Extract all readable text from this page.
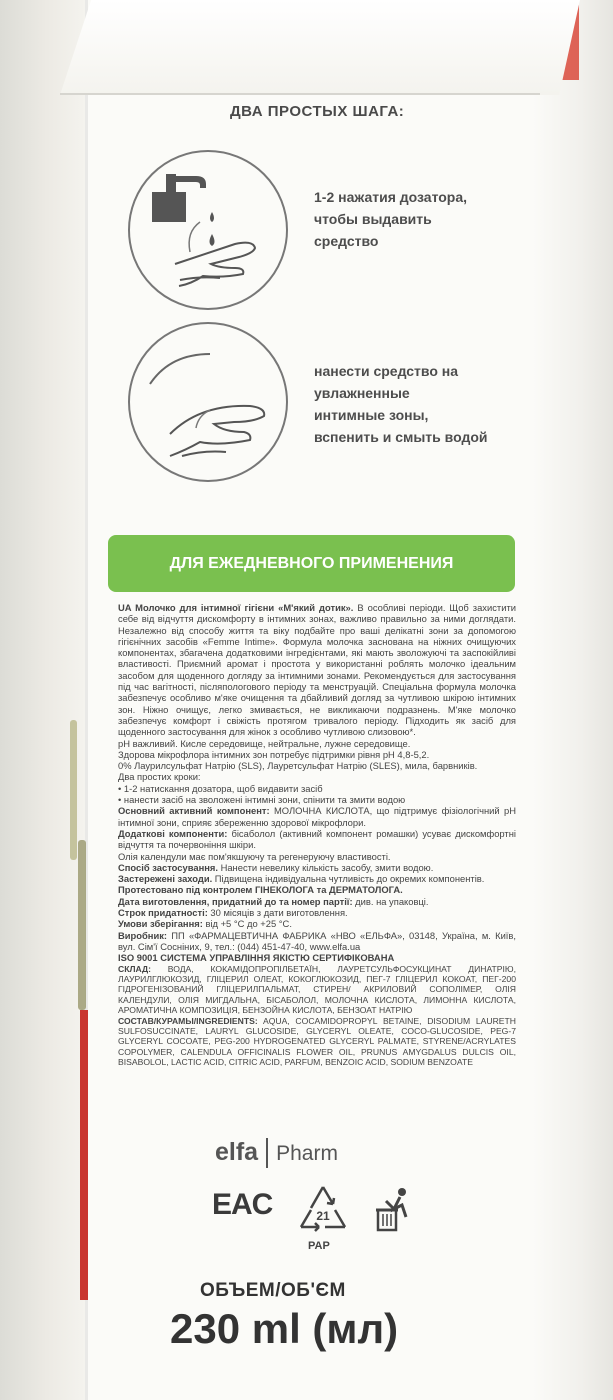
ДВА ПРОСТЫХ ШАГА:
1-2 нажатия дозатора,
чтобы выдавить
средство
нанести средство на
увлажненные
интимные зоны,
вспенить и смыть водой
ДЛЯ ЕЖЕДНЕВНОГО ПРИМЕНЕНИЯ

UA Молочко для інтимної гігієни «М'який дотик». В особливі періоди. Щоб захистити себе від відчуття дискомфорту в інтимних зонах, важливо правильно за ними доглядати. Незалежно від способу життя та віку подбайте про ваші делікатні зони за допомогою гігієнічних засобів «Femme Intime». Формула молочка заснована на ніжних очищуючих компонентах, збагачена додатковими інгредієнтами, які мають зволожуючі та заспокійливі властивості. Приємний аромат і простота у використанні роблять молочко ідеальним засобом для щоденного догляду за інтимними зонами. Рекомендується для застосування під час вагітності, післяпологового періоду та менструацій. Спеціальна формула молочка забезпечує особливо м'яке очищення та дбайливий догляд за чутливою шкірою інтимних зон. Ніжно очищує, легко змивається, не викликаючи подразнень. М'яке молочко забезпечує комфорт і свіжість протягом тривалого періоду. Підходить як засіб для щоденного застосування для жінок з особливо чутливою слизовою*.

pH важливий. Кисле середовище, нейтральне, лужне середовище.

Здорова мікрофлора інтимних зон потребує підтримки рівня pH 4,8-5,2.

0% Лаурилсульфат Натрію (SLS), Лауретсульфат Натрію (SLES), мила, барвників.

Два простих кроки:

• 1-2 натискання дозатора, щоб видавити засіб

• нанести засіб на зволожені інтимні зони, спінити та змити водою

Основний активний компонент: МОЛОЧНА КИСЛОТА, що підтримує фізіологічний pH інтимної зони, сприяє збереженню здорової мікрофлори.

Додаткові компоненти: бісаболол (активний компонент ромашки) усуває дискомфортні відчуття та почервоніння шкіри.

Олія календули має пом'якшуючу та регенеруючу властивості.

Спосіб застосування. Нанести невелику кількість засобу, змити водою.

Застережені заходи. Підвищена індивідуальна чутливість до окремих компонентів.

Протестовано під контролем ГІНЕКОЛОГА та ДЕРМАТОЛОГА.

Дата виготовлення, придатний до та номер партії: див. на упаковці.

Строк придатності: 30 місяців з дати виготовлення.

Умови зберігання: від +5 °С до +25 °С.

Виробник: ПП «ФАРМАЦЕВТИЧНА ФАБРИКА «НВО «ЕЛЬФА», 03148, Україна, м. Київ, вул. Сім'ї Сосніних, 9, тел.: (044) 451-47-40, www.elfa.ua

ISO 9001 СИСТЕМА УПРАВЛІННЯ ЯКІСТЮ СЕРТИФІКОВАНА

СКЛАД: ВОДА, КОКАМІДОПРОПІЛБЕТАЇН, ЛАУРЕТСУЛЬФОСУКЦИНАТ ДИНАТРІЮ, ЛАУРИЛГЛЮКОЗИД, ГЛІЦЕРИЛ ОЛЕАТ, КОКОГЛЮКОЗИД, ПЕГ-7 ГЛІЦЕРИЛ КОКОАТ, ПЕГ-200 ГІДРОГЕНІЗОВАНИЙ ГЛІЦЕРИЛПАЛЬМАТ, СТИРЕН/ АКРИЛОВИЙ СОПОЛІМЕР, ОЛІЯ КАЛЕНДУЛИ, ОЛІЯ МИГДАЛЬНА, БІСАБОЛОЛ, МОЛОЧНА КИСЛОТА, ЛИМОННА КИСЛОТА, АРОМАТИЧНА КОМПОЗИЦІЯ, БЕНЗОЙНА КИСЛОТА, БЕНЗОАТ НАТРІЮ

СОСТАВ/КУРАМЫ/INGREDIENTS: AQUA, COCAMIDOPROPYL BETAINE, DISODIUM LAURETH SULFOSUCCINATE, LAURYL GLUCOSIDE, GLYCERYL OLEATE, COCO-GLUCOSIDE, PEG-7 GLYCERYL COCOATE, PEG-200 HYDROGENATED GLYCERYL PALMATE, STYRENE/ACRYLATES COPOLYMER, CALENDULA OFFICINALIS FLOWER OIL, PRUNUS AMYGDALUS DULCIS OIL, BISABOLOL, LACTIC ACID, CITRIC ACID, PARFUM, BENZOIC ACID, SODIUM BENZOATE

elfa Pharm
EAC	21
PAP
ОБЪЕМ/ОБ'ЄМ
230 ml (мл)
